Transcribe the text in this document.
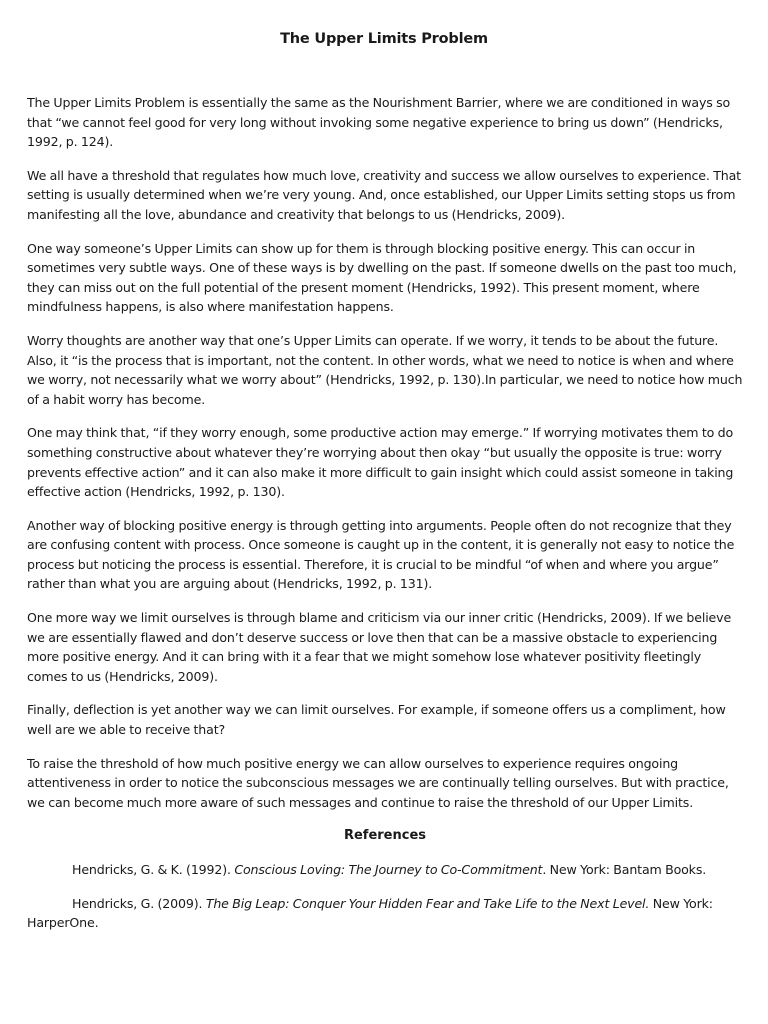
The Upper Limits Problem

The Upper Limits Problem is essentially the same as the Nourishment Barrier, where we are conditioned in ways so that “we cannot feel good for very long without invoking some negative experience to bring us down” (Hendricks, 1992, p. 124).

We all have a threshold that regulates how much love, creativity and success we allow ourselves to experience. That setting is usually determined when we’re very young. And, once established, our Upper Limits setting stops us from manifesting all the love, abundance and creativity that belongs to us (Hendricks, 2009).

One way someone’s Upper Limits can show up for them is through blocking positive energy. This can occur in sometimes very subtle ways. One of these ways is by dwelling on the past. If someone dwells on the past too much, they can miss out on the full potential of the present moment (Hendricks, 1992). This present moment, where mindfulness happens, is also where manifestation happens.

Worry thoughts are another way that one’s Upper Limits can operate. If we worry, it tends to be about the future. Also, it “is the process that is important, not the content. In other words, what we need to notice is when and where we worry, not necessarily what we worry about” (Hendricks, 1992, p. 130).In particular, we need to notice how much of a habit worry has become.

One may think that, “if they worry enough, some productive action may emerge.” If worrying motivates them to do something constructive about whatever they’re worrying about then okay “but usually the opposite is true: worry prevents effective action” and it can also make it more difficult to gain insight which could assist someone in taking effective action (Hendricks, 1992, p. 130).

Another way of blocking positive energy is through getting into arguments. People often do not recognize that they are confusing content with process. Once someone is caught up in the content, it is generally not easy to notice the process but noticing the process is essential. Therefore, it is crucial to be mindful “of when and where you argue” rather than what you are arguing about (Hendricks, 1992, p. 131).

One more way we limit ourselves is through blame and criticism via our inner critic (Hendricks, 2009). If we believe we are essentially flawed and don’t deserve success or love then that can be a massive obstacle to experiencing more positive energy. And it can bring with it a fear that we might somehow lose whatever positivity fleetingly comes to us (Hendricks, 2009).

Finally, deflection is yet another way we can limit ourselves. For example, if someone offers us a compliment, how well are we able to receive that?

To raise the threshold of how much positive energy we can allow ourselves to experience requires ongoing attentiveness in order to notice the subconscious messages we are continually telling ourselves. But with practice, we can become much more aware of such messages and continue to raise the threshold of our Upper Limits.

References

Hendricks, G. & K. (1992). Conscious Loving: The Journey to Co-Commitment. New York: Bantam Books.

Hendricks, G. (2009). The Big Leap: Conquer Your Hidden Fear and Take Life to the Next Level. New York: HarperOne.
